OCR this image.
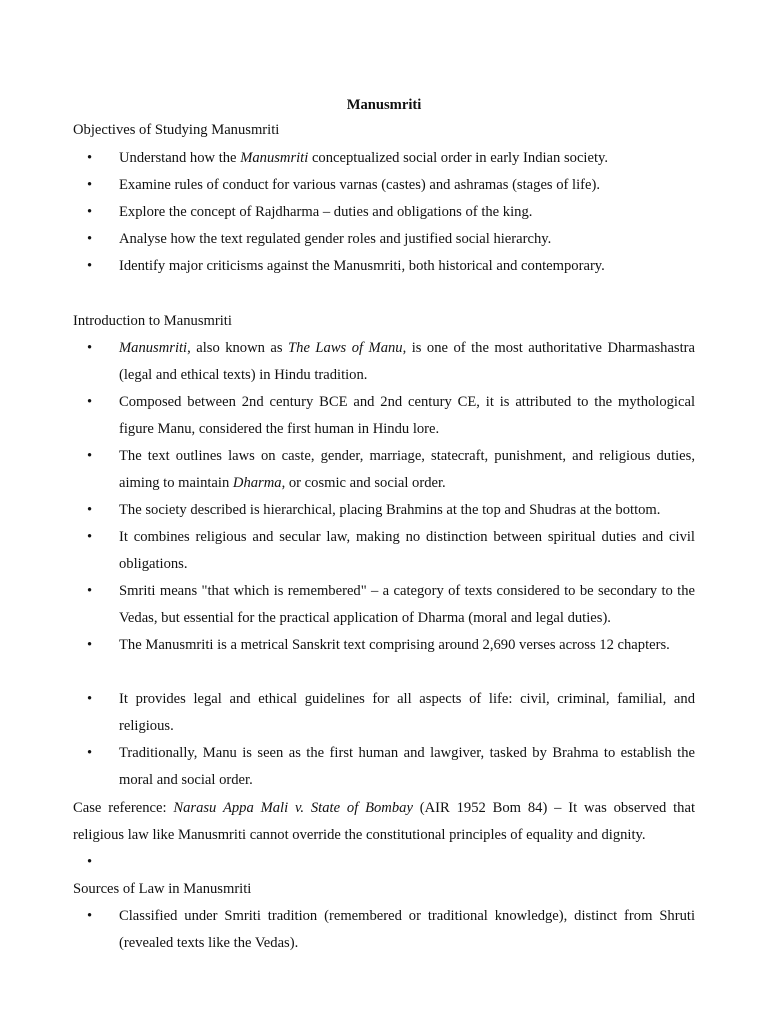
Manusmriti
Objectives of Studying Manusmriti
• Understand how the Manusmriti conceptualized social order in early Indian society.
• Examine rules of conduct for various varnas (castes) and ashramas (stages of life).
• Explore the concept of Rajdharma – duties and obligations of the king.
• Analyse how the text regulated gender roles and justified social hierarchy.
• Identify major criticisms against the Manusmriti, both historical and contemporary.
Introduction to Manusmriti
• Manusmriti, also known as The Laws of Manu, is one of the most authoritative Dharmashastra (legal and ethical texts) in Hindu tradition.
• Composed between 2nd century BCE and 2nd century CE, it is attributed to the mythological figure Manu, considered the first human in Hindu lore.
• The text outlines laws on caste, gender, marriage, statecraft, punishment, and religious duties, aiming to maintain Dharma, or cosmic and social order.
• The society described is hierarchical, placing Brahmins at the top and Shudras at the bottom.
• It combines religious and secular law, making no distinction between spiritual duties and civil obligations.
• Smriti means "that which is remembered" – a category of texts considered to be secondary to the Vedas, but essential for the practical application of Dharma (moral and legal duties).
• The Manusmriti is a metrical Sanskrit text comprising around 2,690 verses across 12 chapters.
• It provides legal and ethical guidelines for all aspects of life: civil, criminal, familial, and religious.
• Traditionally, Manu is seen as the first human and lawgiver, tasked by Brahma to establish the moral and social order.
Case reference: Narasu Appa Mali v. State of Bombay (AIR 1952 Bom 84) – It was observed that religious law like Manusmriti cannot override the constitutional principles of equality and dignity.
•
Sources of Law in Manusmriti
• Classified under Smriti tradition (remembered or traditional knowledge), distinct from Shruti (revealed texts like the Vedas).
